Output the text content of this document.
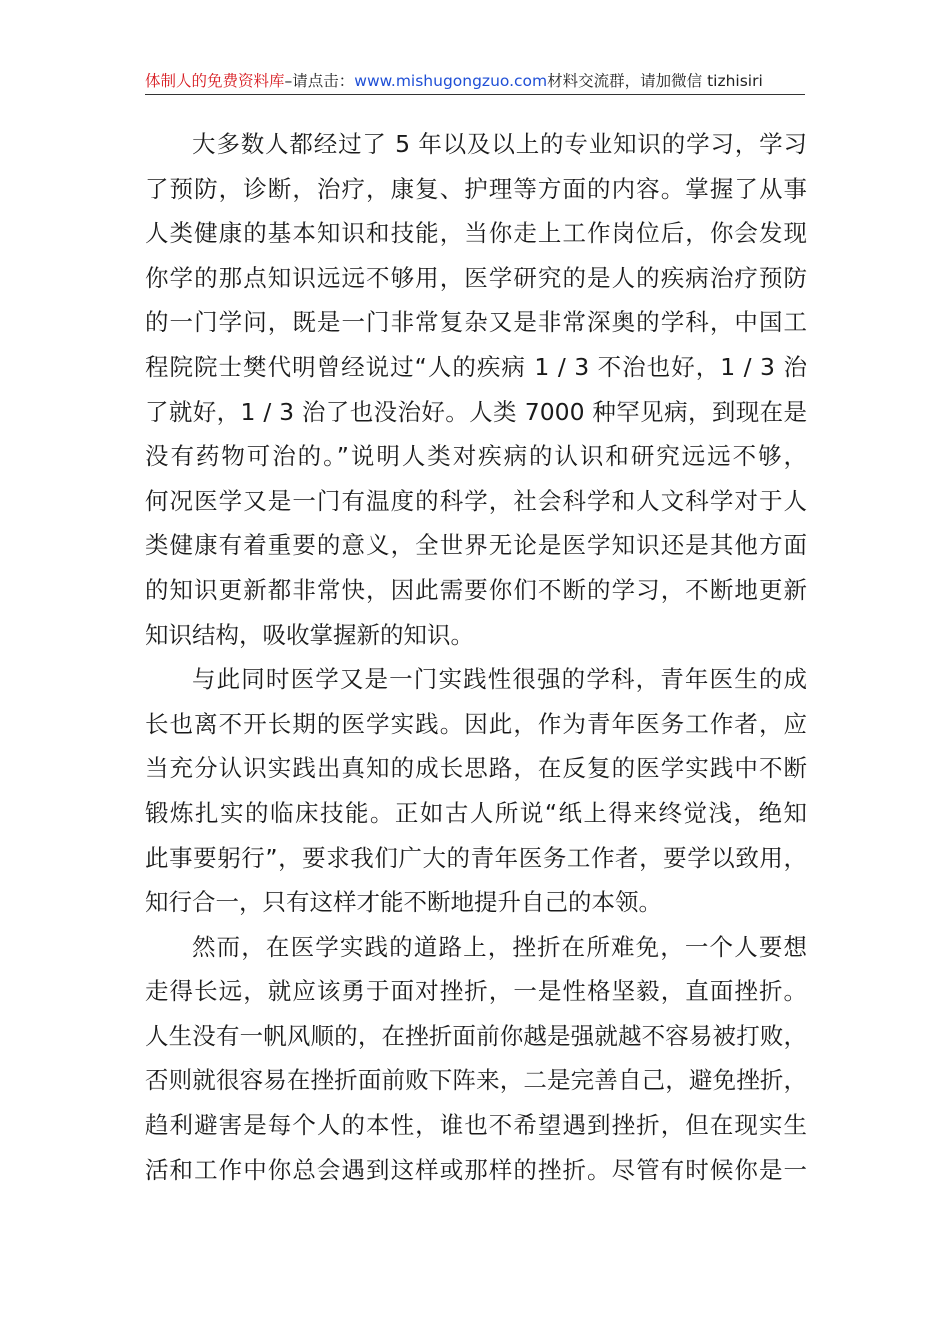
体制人的免费资料库–请点击：www.mishugongzuo.com材料交流群，请加微信 tizhisiri
大多数人都经过了 5 年以及以上的专业知识的学习，学习
了预防，诊断，治疗，康复、护理等方面的内容。掌握了从事
人类健康的基本知识和技能，当你走上工作岗位后，你会发现
你学的那点知识远远不够用，医学研究的是人的疾病治疗预防
的一门学问，既是一门非常复杂又是非常深奥的学科，中国工
程院院士樊代明曾经说过“人的疾病 1 / 3 不治也好，1 / 3 治
了就好，1 / 3 治了也没治好。人类 7000 种罕见病，到现在是
没有药物可治的。”说明人类对疾病的认识和研究远远不够，
何况医学又是一门有温度的科学，社会科学和人文科学对于人
类健康有着重要的意义，全世界无论是医学知识还是其他方面
的知识更新都非常快，因此需要你们不断的学习，不断地更新
知识结构，吸收掌握新的知识。
与此同时医学又是一门实践性很强的学科，青年医生的成
长也离不开长期的医学实践。因此，作为青年医务工作者，应
当充分认识实践出真知的成长思路，在反复的医学实践中不断
锻炼扎实的临床技能。正如古人所说“纸上得来终觉浅，绝知
此事要躬行”，要求我们广大的青年医务工作者，要学以致用，
知行合一，只有这样才能不断地提升自己的本领。
然而，在医学实践的道路上，挫折在所难免，一个人要想
走得长远，就应该勇于面对挫折，一是性格坚毅，直面挫折。
人生没有一帆风顺的，在挫折面前你越是强就越不容易被打败，
否则就很容易在挫折面前败下阵来，二是完善自己，避免挫折，
趋利避害是每个人的本性，谁也不希望遇到挫折，但在现实生
活和工作中你总会遇到这样或那样的挫折。尽管有时候你是一
